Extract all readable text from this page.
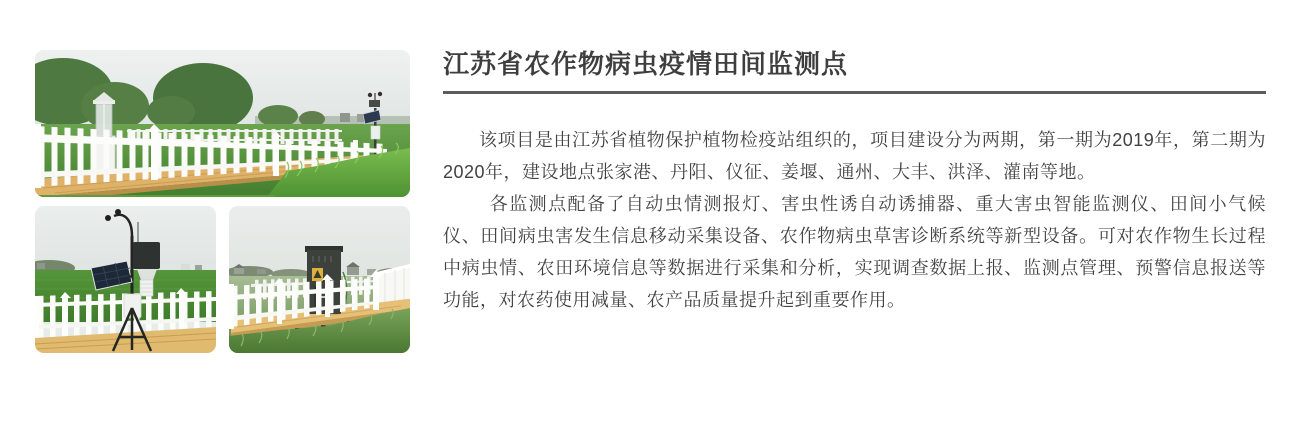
江苏省农作物病虫疫情田间监测点

该项目是由江苏省植物保护植物检疫站组织的，项目建设分为两期，第一期为2019年，第二期为2020年，建设地点张家港、丹阳、仪征、姜堰、通州、大丰、洪泽、灌南等地。

各监测点配备了自动虫情测报灯、害虫性诱自动诱捕器、重大害虫智能监测仪、田间小气候仪、田间病虫害发生信息移动采集设备、农作物病虫草害诊断系统等新型设备。可对农作物生长过程中病虫情、农田环境信息等数据进行采集和分析，实现调查数据上报、监测点管理、预警信息报送等功能，对农药使用减量、农产品质量提升起到重要作用。
